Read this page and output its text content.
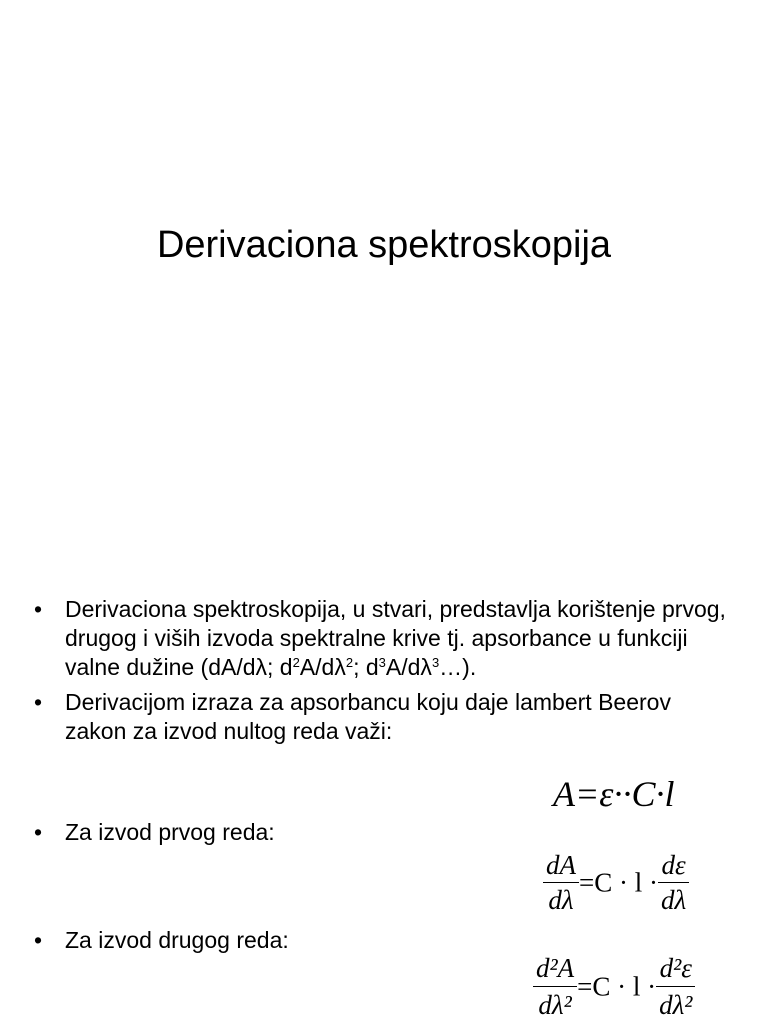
Derivaciona spektroskopija
• Derivaciona spektroskopija, u stvari, predstavlja korištenje prvog, drugog i viših izvoda spektralne krive tj. apsorbance u funkciji valne dužine (dA/dλ; $d^2A/d\lambda^2$; $d^3A/d\lambda^3\dots$).
• Derivacijom izraza za apsorbancu koju daje lambert Beerov zakon za izvod nultog reda važi:
• Za izvod prvog reda:
• Za izvod drugog reda:
A=ε··C·l
$\frac{dA}{d\lambda} =C \cdot l \cdot \frac{d\varepsilon}{d\lambda}$
$\frac{\text{d²A}}{\text{dλ²}} =C \cdot l \cdot \frac{\text{d²ε}}{\text{dλ²}}$
